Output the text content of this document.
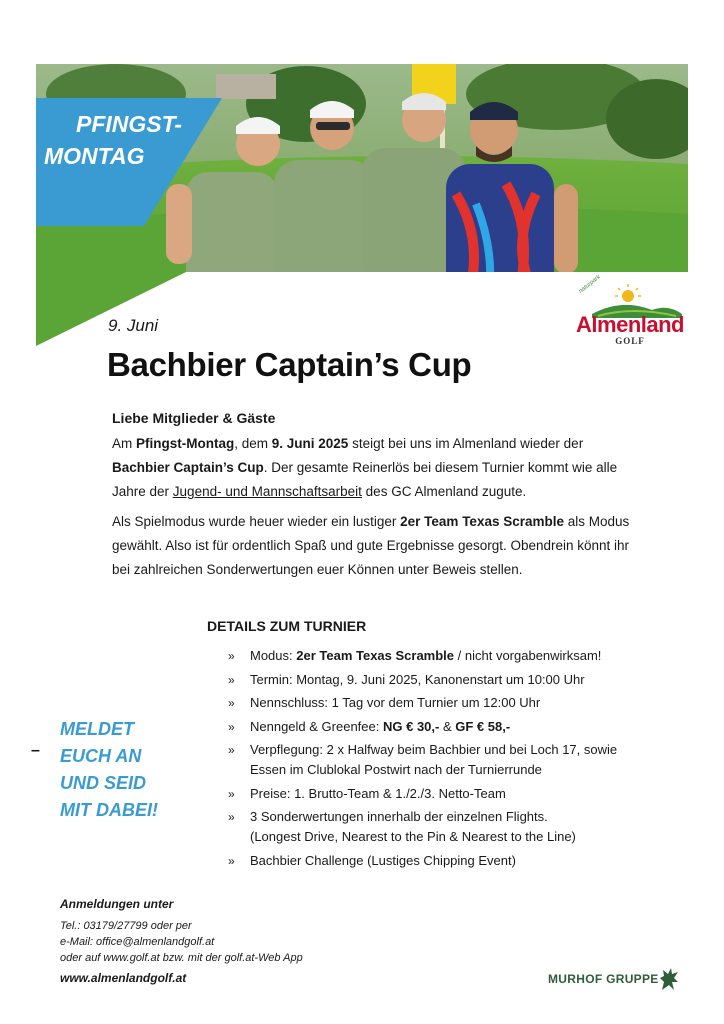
PFINGST-
MONTAG
naturpark
Almenland
GOLF
9. Juni
Bachbier Captain’s Cup
Liebe Mitglieder & Gäste

Am Pfingst-Montag, dem 9. Juni 2025 steigt bei uns im Almenland wieder der
Bachbier Captain’s Cup. Der gesamte Reinerlös bei diesem Turnier kommt wie alle Jahre der Jugend- und Mannschaftsarbeit des GC Almenland zugute.

Als Spielmodus wurde heuer wieder ein lustiger 2er Team Texas Scramble als Modus gewählt. Also ist für ordentlich Spaß und gute Ergebnisse gesorgt. Obendrein könnt ihr bei zahlreichen Sonderwertungen euer Können unter Beweis stellen.

DETAILS ZUM TURNIER
» Modus: 2er Team Texas Scramble / nicht vorgabenwirksam!
» Termin: Montag, 9. Juni 2025, Kanonenstart um 10:00 Uhr
» Nennschluss: 1 Tag vor dem Turnier um 12:00 Uhr
» Nenngeld & Greenfee: NG € 30,- & GF € 58,-
» Verpflegung: 2 x Halfway beim Bachbier und bei Loch 17, sowie
Essen im Clublokal Postwirt nach der Turnierrunde
» Preise: 1. Brutto-Team & 1./2./3. Netto-Team
» 3 Sonderwertungen innerhalb der einzelnen Flights.
(Longest Drive, Nearest to the Pin & Nearest to the Line)
» Bachbier Challenge (Lustiges Chipping Event)
–
MELDET
EUCH AN
UND SEID
MIT DABEI!
Anmeldungen unter
Tel.: 03179/27799 oder per
e-Mail: office@almenlandgolf.at
oder auf www.golf.at bzw. mit der golf.at-Web App
www.almenlandgolf.at	MURHOF GRUPPE
